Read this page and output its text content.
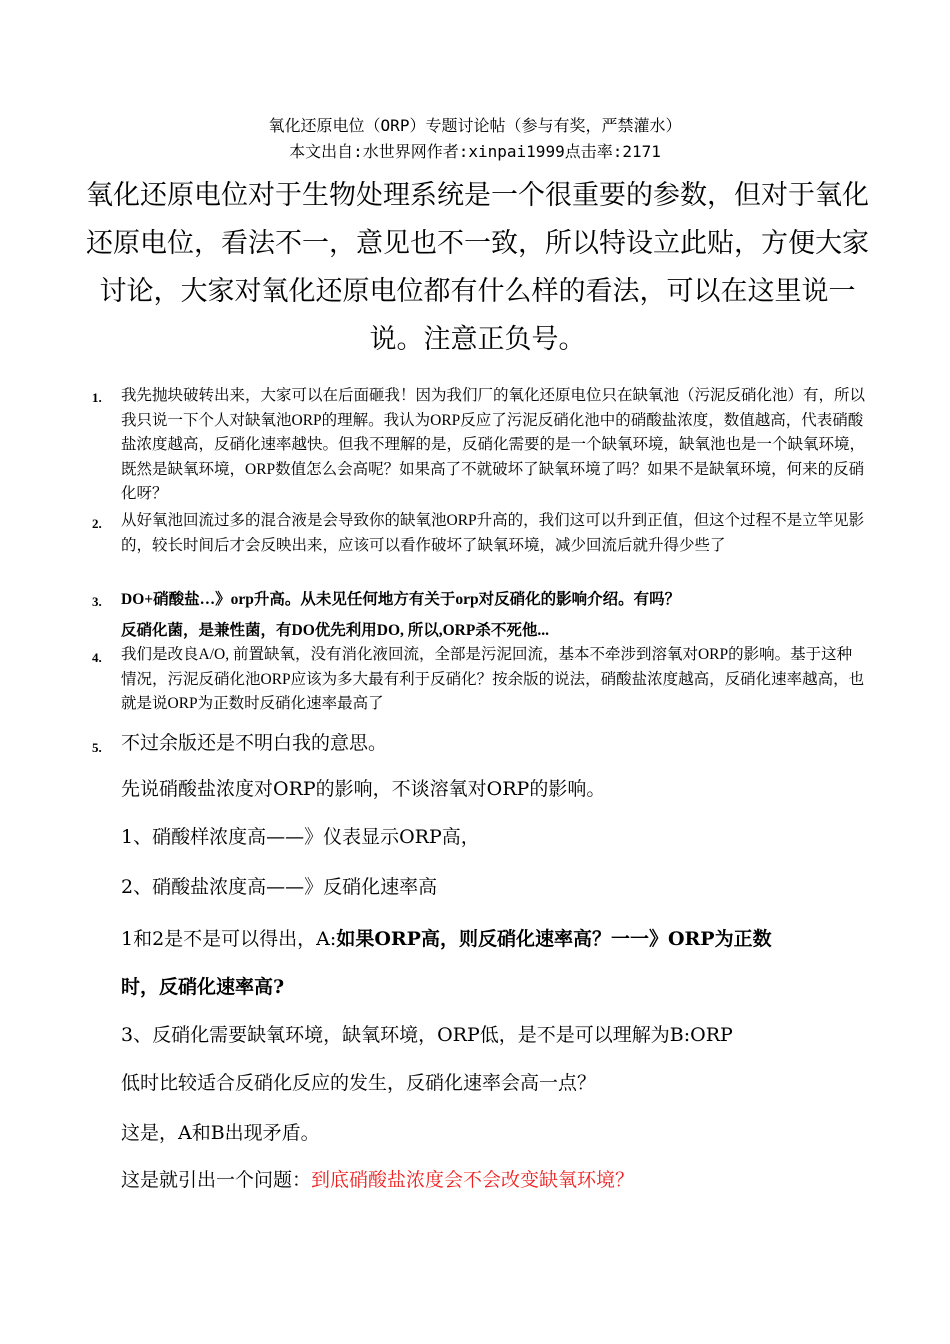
氧化还原电位（ORP）专题讨论帖（参与有奖，严禁灌水）
本文出自:水世界网作者:xinpai1999点击率:2171
氧化还原电位对于生物处理系统是一个很重要的参数，但对于氧化还原电位，看法不一，意见也不一致，所以特设立此贴，方便大家讨论，大家对氧化还原电位都有什么样的看法，可以在这里说一说。注意正负号。
1. 我先抛块破转出来，大家可以在后面砸我！因为我们厂的氧化还原电位只在缺氧池（污泥反硝化池）有，所以我只说一下个人对缺氧池ORP的理解。我认为ORP反应了污泥反硝化池中的硝酸盐浓度，数值越高，代表硝酸盐浓度越高，反硝化速率越快。但我不理解的是，反硝化需要的是一个缺氧环境，缺氧池也是一个缺氧环境，既然是缺氧环境，ORP数值怎么会高呢？如果高了不就破坏了缺氧环境了吗？如果不是缺氧环境，何来的反硝化呀？
2. 从好氧池回流过多的混合液是会导致你的缺氧池ORP升高的，我们这可以升到正值，但这个过程不是立竿见影的，较长时间后才会反映出来，应该可以看作破坏了缺氧环境，减少回流后就升得少些了
3. DO+硝酸盐…》orp升高。从未见任何地方有关于orp对反硝化的影响介绍。有吗？
反硝化菌，是兼性菌，有DO优先利用DO, 所以,ORP杀不死他...
4. 我们是改良A/O, 前置缺氧，没有消化液回流，全部是污泥回流，基本不牵涉到溶氧对ORP的影响。基于这种情况，污泥反硝化池ORP应该为多大最有利于反硝化？按余版的说法，硝酸盐浓度越高，反硝化速率越高，也就是说ORP为正数时反硝化速率最高了
5. 不过余版还是不明白我的意思。
先说硝酸盐浓度对ORP的影响，不谈溶氧对ORP的影响。
1、硝酸样浓度高——》仪表显示ORP高，
2、硝酸盐浓度高——》反硝化速率高
1和2是不是可以得出，A:如果ORP高，则反硝化速率高？一一》ORP为正数
时，反硝化速率高?
3、反硝化需要缺氧环境，缺氧环境，ORP低，是不是可以理解为B:ORP
低时比较适合反硝化反应的发生，反硝化速率会高一点？
这是，A和B出现矛盾。
这是就引出一个问题：到底硝酸盐浓度会不会改变缺氧环境？
